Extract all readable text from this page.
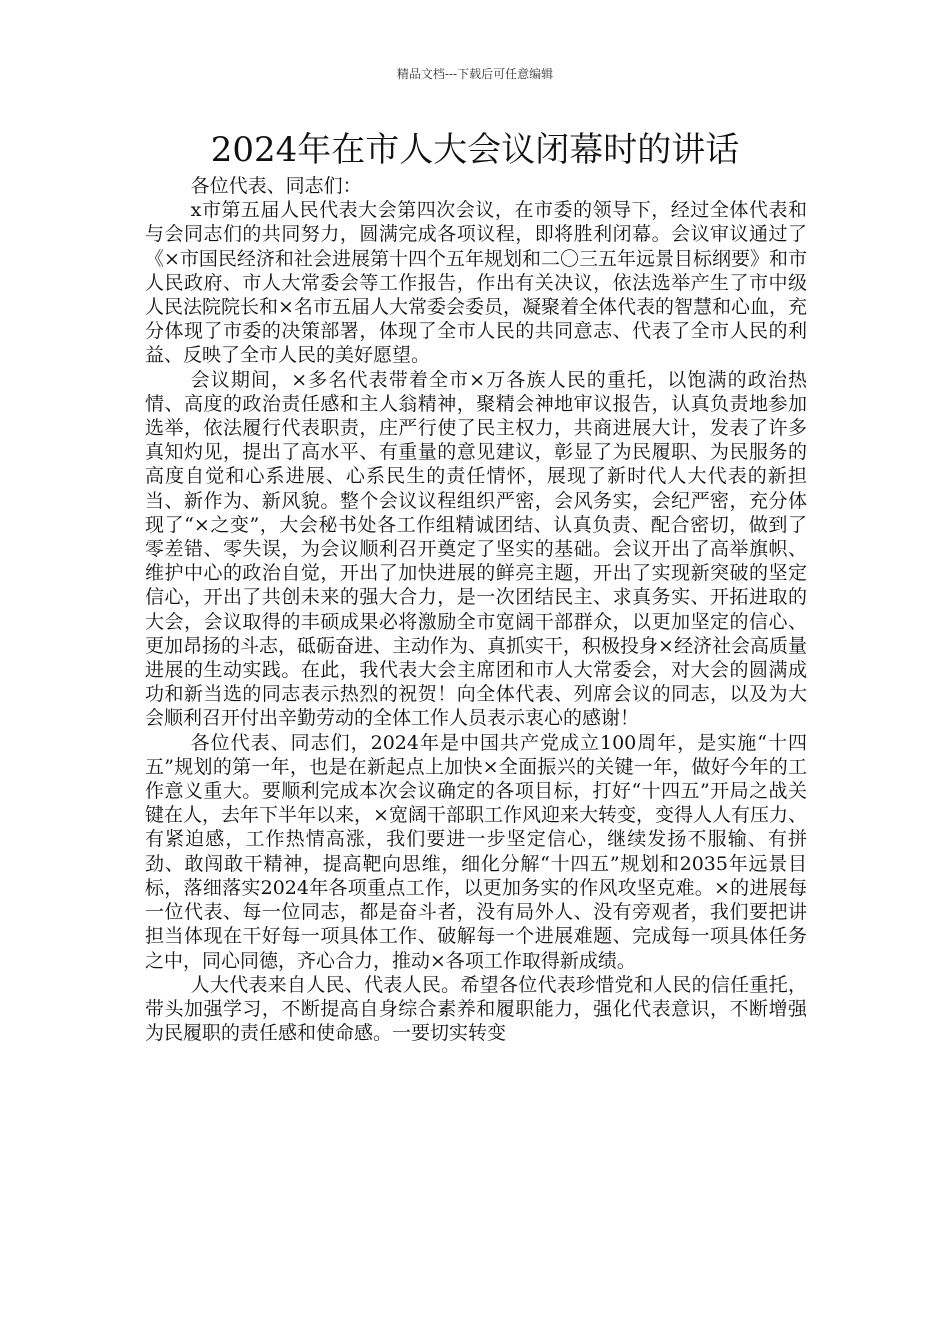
精品文档---下载后可任意编辑
2024年在市人大会议闭幕时的讲话

各位代表、同志们：

x市第五届人民代表大会第四次会议，在市委的领导下，经过全体代表和与会同志们的共同努力，圆满完成各项议程，即将胜利闭幕。会议审议通过了《×市国民经济和社会进展第十四个五年规划和二〇三五年远景目标纲要》和市人民政府、市人大常委会等工作报告，作出有关决议，依法选举产生了市中级人民法院院长和×名市五届人大常委会委员，凝聚着全体代表的智慧和心血，充分体现了市委的决策部署，体现了全市人民的共同意志、代表了全市人民的利益、反映了全市人民的美好愿望。

会议期间，×多名代表带着全市×万各族人民的重托，以饱满的政治热情、高度的政治责任感和主人翁精神，聚精会神地审议报告，认真负责地参加选举，依法履行代表职责，庄严行使了民主权力，共商进展大计，发表了许多真知灼见，提出了高水平、有重量的意见建议，彰显了为民履职、为民服务的高度自觉和心系进展、心系民生的责任情怀，展现了新时代人大代表的新担当、新作为、新风貌。整个会议议程组织严密，会风务实，会纪严密，充分体现了“×之变”，大会秘书处各工作组精诚团结、认真负责、配合密切，做到了零差错、零失误，为会议顺利召开奠定了坚实的基础。会议开出了高举旗帜、维护中心的政治自觉，开出了加快进展的鲜亮主题，开出了实现新突破的坚定信心，开出了共创未来的强大合力，是一次团结民主、求真务实、开拓进取的大会，会议取得的丰硕成果必将激励全市宽阔干部群众，以更加坚定的信心、更加昂扬的斗志，砥砺奋进、主动作为、真抓实干，积极投身×经济社会高质量进展的生动实践。在此，我代表大会主席团和市人大常委会，对大会的圆满成功和新当选的同志表示热烈的祝贺！向全体代表、列席会议的同志，以及为大会顺利召开付出辛勤劳动的全体工作人员表示衷心的感谢！

各位代表、同志们，2024年是中国共产党成立100周年，是实施“十四五”规划的第一年，也是在新起点上加快×全面振兴的关键一年，做好今年的工作意义重大。要顺利完成本次会议确定的各项目标，打好“十四五”开局之战关键在人，去年下半年以来，×宽阔干部职工作风迎来大转变，变得人人有压力、有紧迫感，工作热情高涨，我们要进一步坚定信心，继续发扬不服输、有拼劲、敢闯敢干精神，提高靶向思维，细化分解“十四五”规划和2035年远景目标，落细落实2024年各项重点工作，以更加务实的作风攻坚克难。×的进展每一位代表、每一位同志，都是奋斗者，没有局外人、没有旁观者，我们要把讲担当体现在干好每一项具体工作、破解每一个进展难题、完成每一项具体任务之中，同心同德，齐心合力，推动×各项工作取得新成绩。

人大代表来自人民、代表人民。希望各位代表珍惜党和人民的信任重托，带头加强学习，不断提高自身综合素养和履职能力，强化代表意识，不断增强为民履职的责任感和使命感。一要切实转变
